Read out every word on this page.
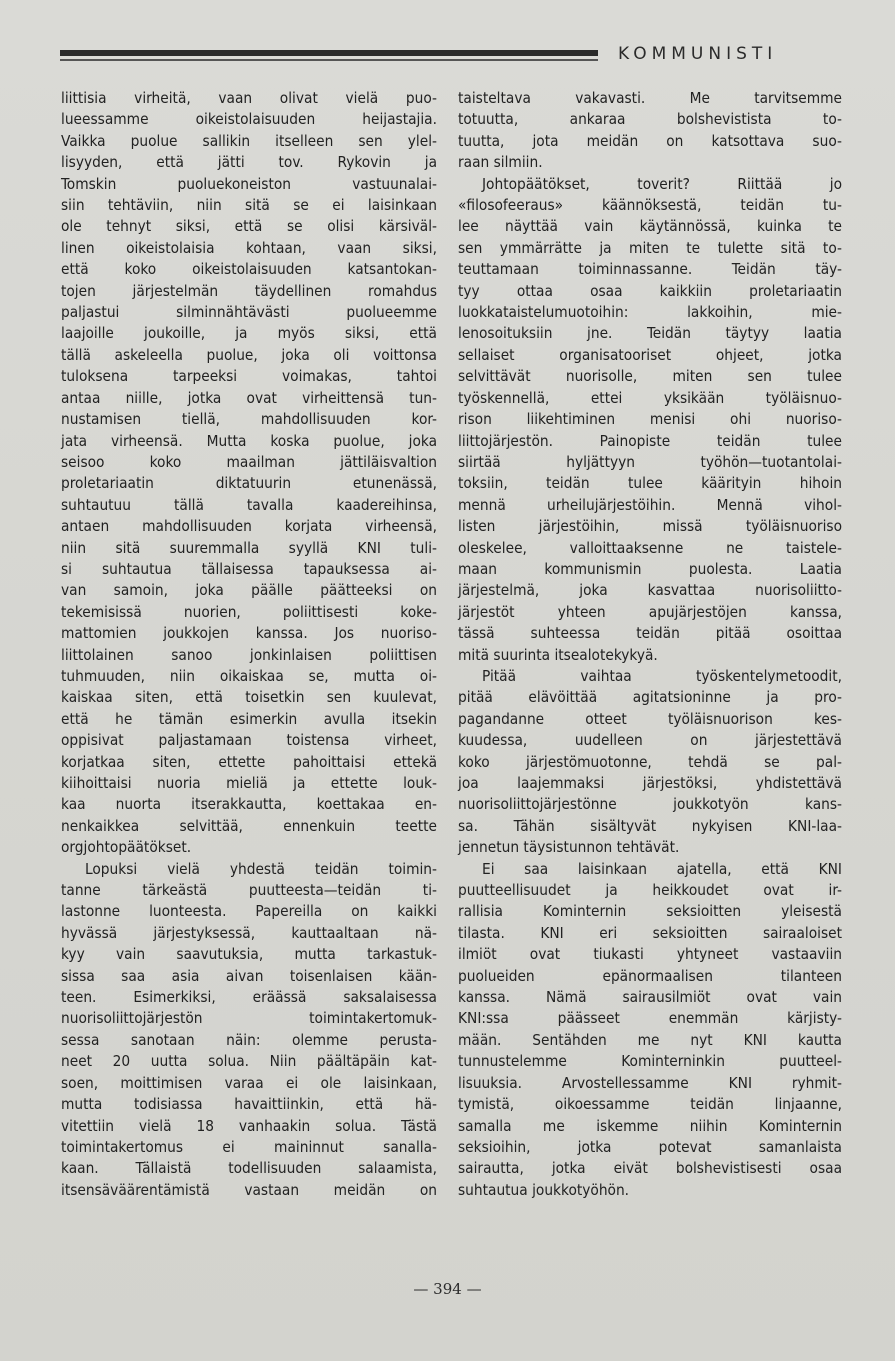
KOMMUNISTI
liittisia virheitä, vaan olivat vielä puo-
lueessamme oikeistolaisuuden heijastajia.
Vaikka puolue sallikin itselleen sen ylel-
lisyyden, että jätti tov. Rykovin ja
Tomskin puoluekoneiston vastuunalai-
siin tehtäviin, niin sitä se ei laisinkaan
ole tehnyt siksi, että se olisi kärsiväl-
linen oikeistolaisia kohtaan, vaan siksi,
että koko oikeistolaisuuden katsantokan-
tojen järjestelmän täydellinen romahdus
paljastui silminnähtävästi puolueemme
laajoille joukoille, ja myös siksi, että
tällä askeleella puolue, joka oli voittonsa
tuloksena tarpeeksi voimakas, tahtoi
antaa niille, jotka ovat virheittensä tun-
nustamisen tiellä, mahdollisuuden kor-
jata virheensä. Mutta koska puolue, joka
seisoo koko maailman jättiläisvaltion
proletariaatin diktatuurin etunenässä,
suhtautuu tällä tavalla kaadereihinsa,
antaen mahdollisuuden korjata virheensä,
niin sitä suuremmalla syyllä KNI tuli-
si suhtautua tällaisessa tapauksessa ai-
van samoin, joka päälle päätteeksi on
tekemisissä nuorien, poliittisesti koke-
mattomien joukkojen kanssa. Jos nuoriso-
liittolainen sanoo jonkinlaisen poliittisen
tuhmuuden, niin oikaiskaa se, mutta oi-
kaiskaa siten, että toisetkin sen kuulevat,
että he tämän esimerkin avulla itsekin
oppisivat paljastamaan toistensa virheet,
korjatkaa siten, ettette pahoittaisi ettekä
kiihoittaisi nuoria mieliä ja ettette louk-
kaa nuorta itserakkautta, koettakaa en-
nenkaikkea selvittää, ennenkuin teette
orgjohtopäätökset.
Lopuksi vielä yhdestä teidän toimin-
tanne tärkeästä puutteesta—teidän ti-
lastonne luonteesta. Papereilla on kaikki
hyvässä järjestyksessä, kauttaaltaan nä-
kyy vain saavutuksia, mutta tarkastuk-
sissa saa asia aivan toisenlaisen kään-
teen. Esimerkiksi, eräässä saksalaisessa
nuorisoliittojärjestön toimintakertomuk-
sessa sanotaan näin: olemme perusta-
neet 20 uutta solua. Niin päältäpäin kat-
soen, moittimisen varaa ei ole laisinkaan,
mutta todisiassa havaittiinkin, että hä-
vitettiin vielä 18 vanhaakin solua. Tästä
toimintakertomus ei maininnut sanalla-
kaan. Tällaistä todellisuuden salaamista,
itsensäväärentämistä vastaan meidän on
taisteltava vakavasti. Me tarvitsemme
totuutta, ankaraa bolshevistista to-
tuutta, jota meidän on katsottava suo-
raan silmiin.
Johtopäätökset, toverit? Riittää jo
«filosofeeraus» käännöksestä, teidän tu-
lee näyttää vain käytännössä, kuinka te
sen ymmärrätte ja miten te tulette sitä to-
teuttamaan toiminnassanne. Teidän täy-
tyy ottaa osaa kaikkiin proletariaatin
luokkataistelumuotoihin: lakkoihin, mie-
lenosoituksiin jne. Teidän täytyy laatia
sellaiset organisatooriset ohjeet, jotka
selvittävät nuorisolle, miten sen tulee
työskennellä, ettei yksikään työläisnuo-
rison liikehtiminen menisi ohi nuoriso-
liittojärjestön. Painopiste teidän tulee
siirtää hyljättyyn työhön—tuotantolai-
toksiin, teidän tulee käärityin hihoin
mennä urheilujärjestöihin. Mennä vihol-
listen järjestöihin, missä työläisnuoriso
oleskelee, valloittaaksenne ne taistele-
maan kommunismin puolesta. Laatia
järjestelmä, joka kasvattaa nuorisoliitto-
järjestöt yhteen apujärjestöjen kanssa,
tässä suhteessa teidän pitää osoittaa
mitä suurinta itsealotekykyä.
Pitää vaihtaa työskentelymetoodit,
pitää elävöittää agitatsioninne ja pro-
pagandanne otteet työläisnuorison kes-
kuudessa, uudelleen on järjestettävä
koko järjestömuotonne, tehdä se pal-
joa laajemmaksi järjestöksi, yhdistettävä
nuorisoliittojärjestönne joukkotyön kans-
sa. Tähän sisältyvät nykyisen KNI-laa-
jennetun täysistunnon tehtävät.
Ei saa laisinkaan ajatella, että KNI
puutteellisuudet ja heikkoudet ovat ir-
rallisia Kominternin seksioitten yleisestä
tilasta. KNI eri seksioitten sairaaloiset
ilmiöt ovat tiukasti yhtyneet vastaaviin
puolueiden epänormaalisen tilanteen
kanssa. Nämä sairausilmiöt ovat vain
KNI:ssa päässeet enemmän kärjisty-
mään. Sentähden me nyt KNI kautta
tunnustelemme Kominterninkin puutteel-
lisuuksia. Arvostellessamme KNI ryhmit-
tymistä, oikoessamme teidän linjaanne,
samalla me iskemme niihin Kominternin
seksioihin, jotka potevat samanlaista
sairautta, jotka eivät bolshevistisesti osaa
suhtautua joukkotyöhön.
— 394 —
